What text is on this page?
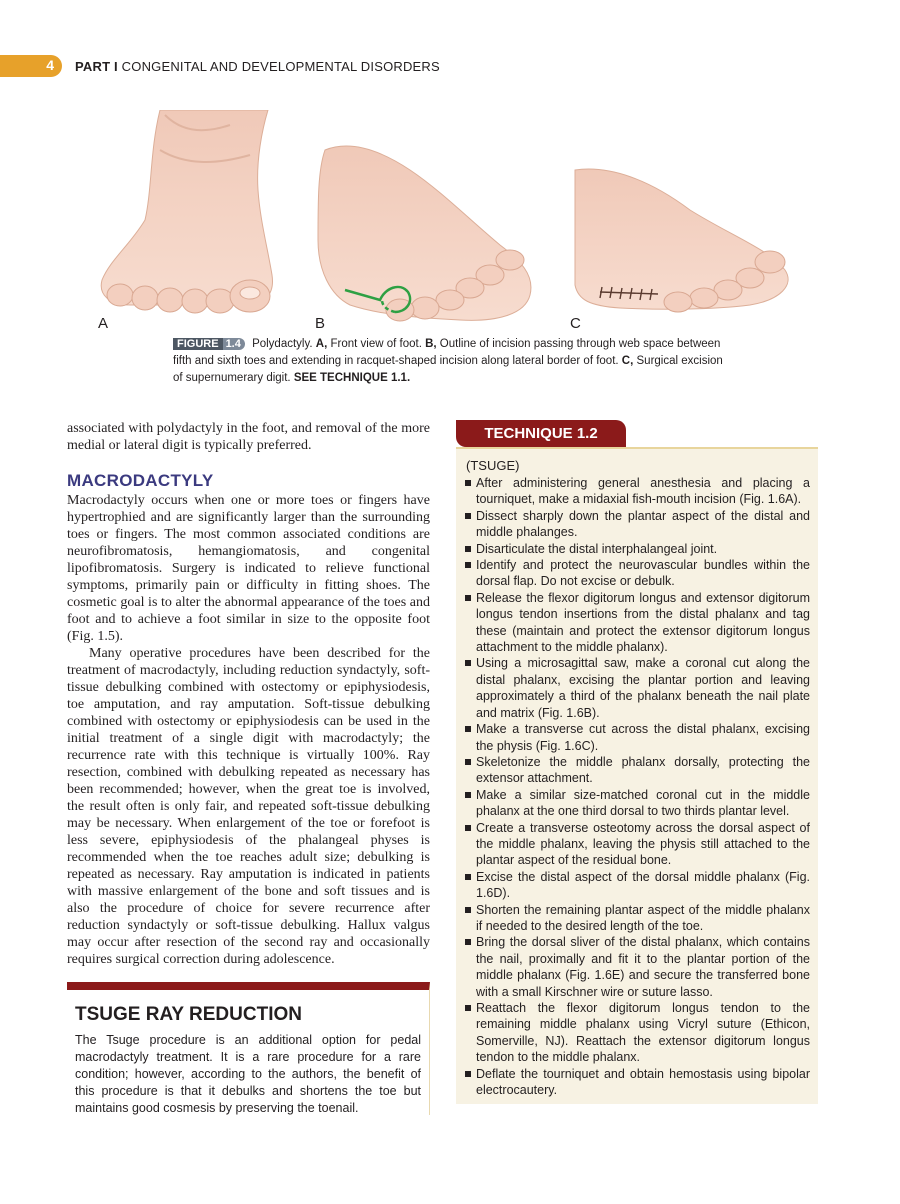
4 PART I CONGENITAL AND DEVELOPMENTAL DISORDERS
A	B	C
FIGURE 1.4 Polydactyly. A, Front view of foot. B, Outline of incision passing through web space between fifth and sixth toes and extending in racquet-shaped incision along lateral border of foot. C, Surgical excision of supernumerary digit. SEE TECHNIQUE 1.1.

associated with polydactyly in the foot, and removal of the more medial or lateral digit is typically preferred.

MACRODACTYLY

Macrodactyly occurs when one or more toes or fingers have hypertrophied and are significantly larger than the surrounding toes or fingers. The most common associated conditions are neurofibromatosis, hemangiomatosis, and congenital lipofibromatosis. Surgery is indicated to relieve functional symptoms, primarily pain or difficulty in fitting shoes. The cosmetic goal is to alter the abnormal appearance of the toes and foot and to achieve a foot similar in size to the opposite foot (Fig. 1.5).

Many operative procedures have been described for the treatment of macrodactyly, including reduction syndactyly, soft-tissue debulking combined with ostectomy or epiphysiodesis, toe amputation, and ray amputation. Soft-tissue debulking combined with ostectomy or epiphysiodesis can be used in the initial treatment of a single digit with macrodactyly; the recurrence rate with this technique is virtually 100%. Ray resection, combined with debulking repeated as necessary has been recommended; however, when the great toe is involved, the result often is only fair, and repeated soft-tissue debulking may be necessary. When enlargement of the toe or forefoot is less severe, epiphysiodesis of the phalangeal physes is recommended when the toe reaches adult size; debulking is repeated as necessary. Ray amputation is indicated in patients with massive enlargement of the bone and soft tissues and is also the procedure of choice for severe recurrence after reduction syndactyly or soft-tissue debulking. Hallux valgus may occur after resection of the second ray and occasionally requires surgical correction during adolescence.

TSUGE RAY REDUCTION

The Tsuge procedure is an additional option for pedal macrodactyly treatment. It is a rare procedure for a rare condition; however, according to the authors, the benefit of this procedure is that it debulks and shortens the toe but maintains good cosmesis by preserving the toenail.

TECHNIQUE 1.2
(TSUGE)
After administering general anesthesia and placing a tourniquet, make a midaxial fish-mouth incision (Fig. 1.6A).
Dissect sharply down the plantar aspect of the distal and middle phalanges.
Disarticulate the distal interphalangeal joint.
Identify and protect the neurovascular bundles within the dorsal flap. Do not excise or debulk.
Release the flexor digitorum longus and extensor digitorum longus tendon insertions from the distal phalanx and tag these (maintain and protect the extensor digitorum longus attachment to the middle phalanx).
Using a microsagittal saw, make a coronal cut along the distal phalanx, excising the plantar portion and leaving approximately a third of the phalanx beneath the nail plate and matrix (Fig. 1.6B).
Make a transverse cut across the distal phalanx, excising the physis (Fig. 1.6C).
Skeletonize the middle phalanx dorsally, protecting the extensor attachment.
Make a similar size-matched coronal cut in the middle phalanx at the one third dorsal to two thirds plantar level.
Create a transverse osteotomy across the dorsal aspect of the middle phalanx, leaving the physis still attached to the plantar aspect of the residual bone.
Excise the distal aspect of the dorsal middle phalanx (Fig. 1.6D).
Shorten the remaining plantar aspect of the middle phalanx if needed to the desired length of the toe.
Bring the dorsal sliver of the distal phalanx, which contains the nail, proximally and fit it to the plantar portion of the middle phalanx (Fig. 1.6E) and secure the transferred bone with a small Kirschner wire or suture lasso.
Reattach the flexor digitorum longus tendon to the remaining middle phalanx using Vicryl suture (Ethicon, Somerville, NJ). Reattach the extensor digitorum longus tendon to the middle phalanx.
Deflate the tourniquet and obtain hemostasis using bipolar electrocautery.
